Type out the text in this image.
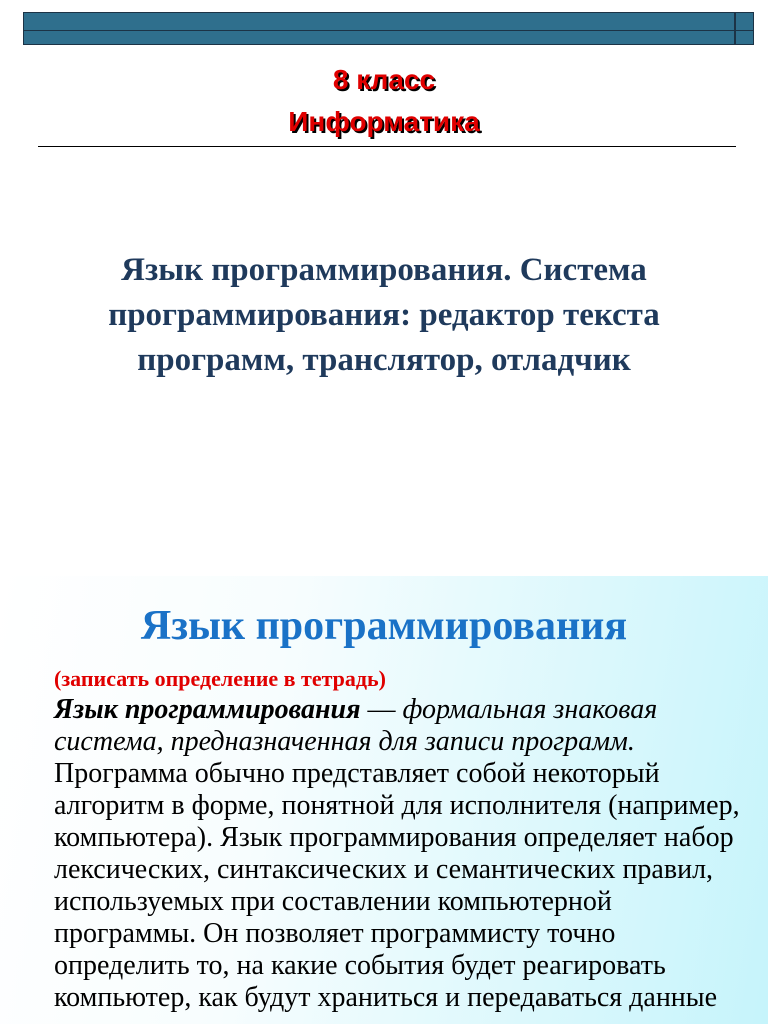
8 класс
Информатика
Язык программирования. Система
программирования: редактор текста
программ, транслятор, отладчик
Язык программирования
(записать определение в тетрадь)

Язык программирования — формальная знаковая система, предназначенная для записи программ. Программа обычно представляет собой некоторый алгоритм в форме, понятной для исполнителя (например, компьютера). Язык программирования определяет набор лексических, синтаксических и семантических правил, используемых при составлении компьютерной программы. Он позволяет программисту точно определить то, на какие события будет реагировать компьютер, как будут храниться и передаваться данные
